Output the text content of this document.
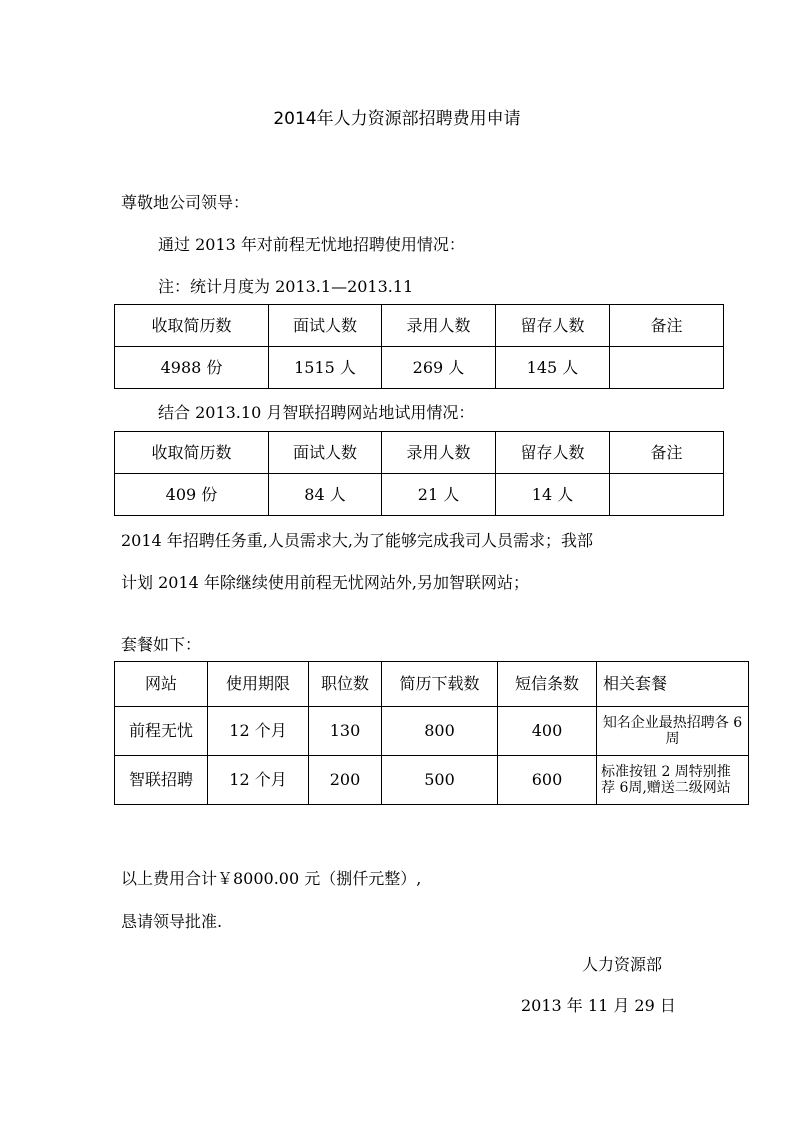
2014年人力资源部招聘费用申请
尊敬地公司领导：
通过 2013 年对前程无忧地招聘使用情况：
注：统计月度为 2013.1—2013.11
收取简历数	面试人数	录用人数	留存人数	备注
4988 份	1515 人	269 人	145 人	
结合 2013.10 月智联招聘网站地试用情况：
收取简历数	面试人数	录用人数	留存人数	备注
409 份	84 人	21 人	14 人	
2014 年招聘任务重,人员需求大,为了能够完成我司人员需求；我部
计划 2014 年除继续使用前程无忧网站外,另加智联网站；
套餐如下：
网站	使用期限	职位数	简历下载数	短信条数	相关套餐
前程无忧	12 个月	130	800	400	知名企业最热招聘各 6周
智联招聘	12 个月	200	500	600	标准按钮 2 周特别推荐 6周,赠送二级网站
以上费用合计￥8000.00 元（捌仟元整）,
恳请领导批准.
人力资源部
2013 年 11 月 29 日
